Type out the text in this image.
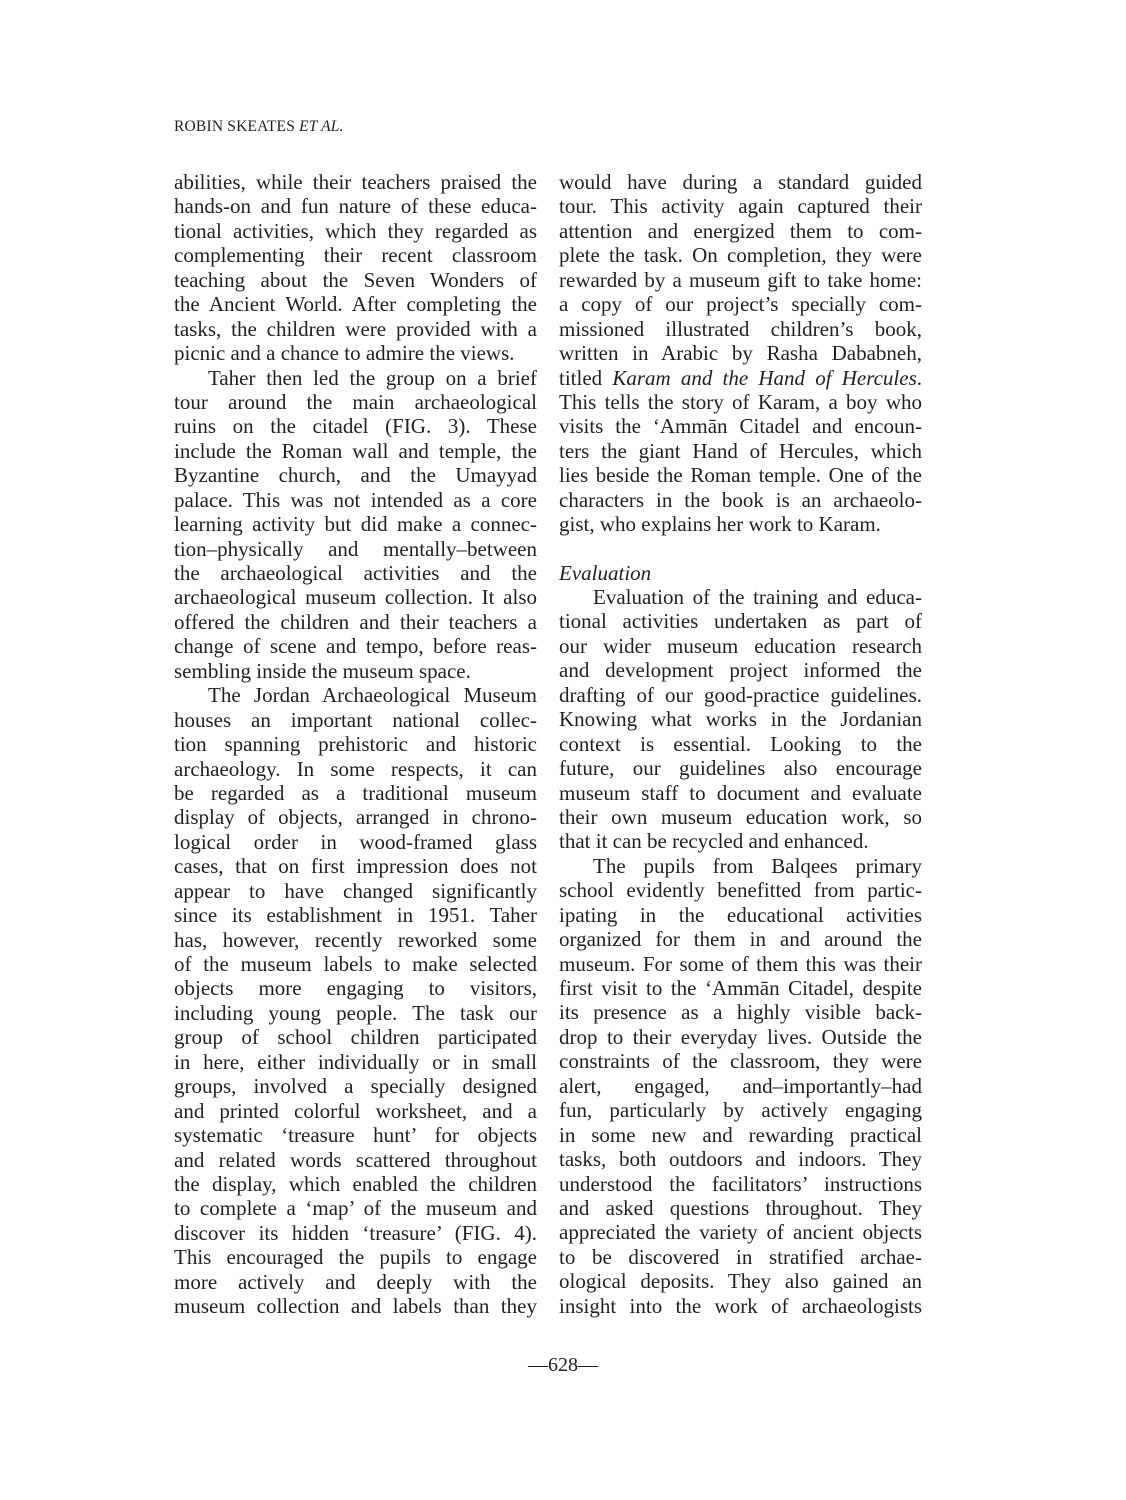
ROBIN SKEATES ET AL.
abilities, while their teachers praised the
hands-on and fun nature of these educa-
tional activities, which they regarded as
complementing their recent classroom
teaching about the Seven Wonders of
the Ancient World. After completing the
tasks, the children were provided with a
picnic and a chance to admire the views.
Taher then led the group on a brief
tour around the main archaeological
ruins on the citadel (FIG. 3). These
include the Roman wall and temple, the
Byzantine church, and the Umayyad
palace. This was not intended as a core
learning activity but did make a connec-
tion–physically and mentally–between
the archaeological activities and the
archaeological museum collection. It also
offered the children and their teachers a
change of scene and tempo, before reas-
sembling inside the museum space.
The Jordan Archaeological Museum
houses an important national collec-
tion spanning prehistoric and historic
archaeology. In some respects, it can
be regarded as a traditional museum
display of objects, arranged in chrono-
logical order in wood-framed glass
cases, that on first impression does not
appear to have changed significantly
since its establishment in 1951. Taher
has, however, recently reworked some
of the museum labels to make selected
objects more engaging to visitors,
including young people. The task our
group of school children participated
in here, either individually or in small
groups, involved a specially designed
and printed colorful worksheet, and a
systematic ‘treasure hunt’ for objects
and related words scattered throughout
the display, which enabled the children
to complete a ‘map’ of the museum and
discover its hidden ‘treasure’ (FIG. 4).
This encouraged the pupils to engage
more actively and deeply with the
museum collection and labels than they
would have during a standard guided
tour. This activity again captured their
attention and energized them to com-
plete the task. On completion, they were
rewarded by a museum gift to take home:
a copy of our project’s specially com-
missioned illustrated children’s book,
written in Arabic by Rasha Dababneh,
titled Karam and the Hand of Hercules.
This tells the story of Karam, a boy who
visits the ‘Ammān Citadel and encoun-
ters the giant Hand of Hercules, which
lies beside the Roman temple. One of the
characters in the book is an archaeolo-
gist, who explains her work to Karam.
Evaluation
Evaluation of the training and educa-
tional activities undertaken as part of
our wider museum education research
and development project informed the
drafting of our good-practice guidelines.
Knowing what works in the Jordanian
context is essential. Looking to the
future, our guidelines also encourage
museum staff to document and evaluate
their own museum education work, so
that it can be recycled and enhanced.
The pupils from Balqees primary
school evidently benefitted from partic-
ipating in the educational activities
organized for them in and around the
museum. For some of them this was their
first visit to the ‘Ammān Citadel, despite
its presence as a highly visible back-
drop to their everyday lives. Outside the
constraints of the classroom, they were
alert, engaged, and–importantly–had
fun, particularly by actively engaging
in some new and rewarding practical
tasks, both outdoors and indoors. They
understood the facilitators’ instructions
and asked questions throughout. They
appreciated the variety of ancient objects
to be discovered in stratified archae-
ological deposits. They also gained an
insight into the work of archaeologists
—628—
